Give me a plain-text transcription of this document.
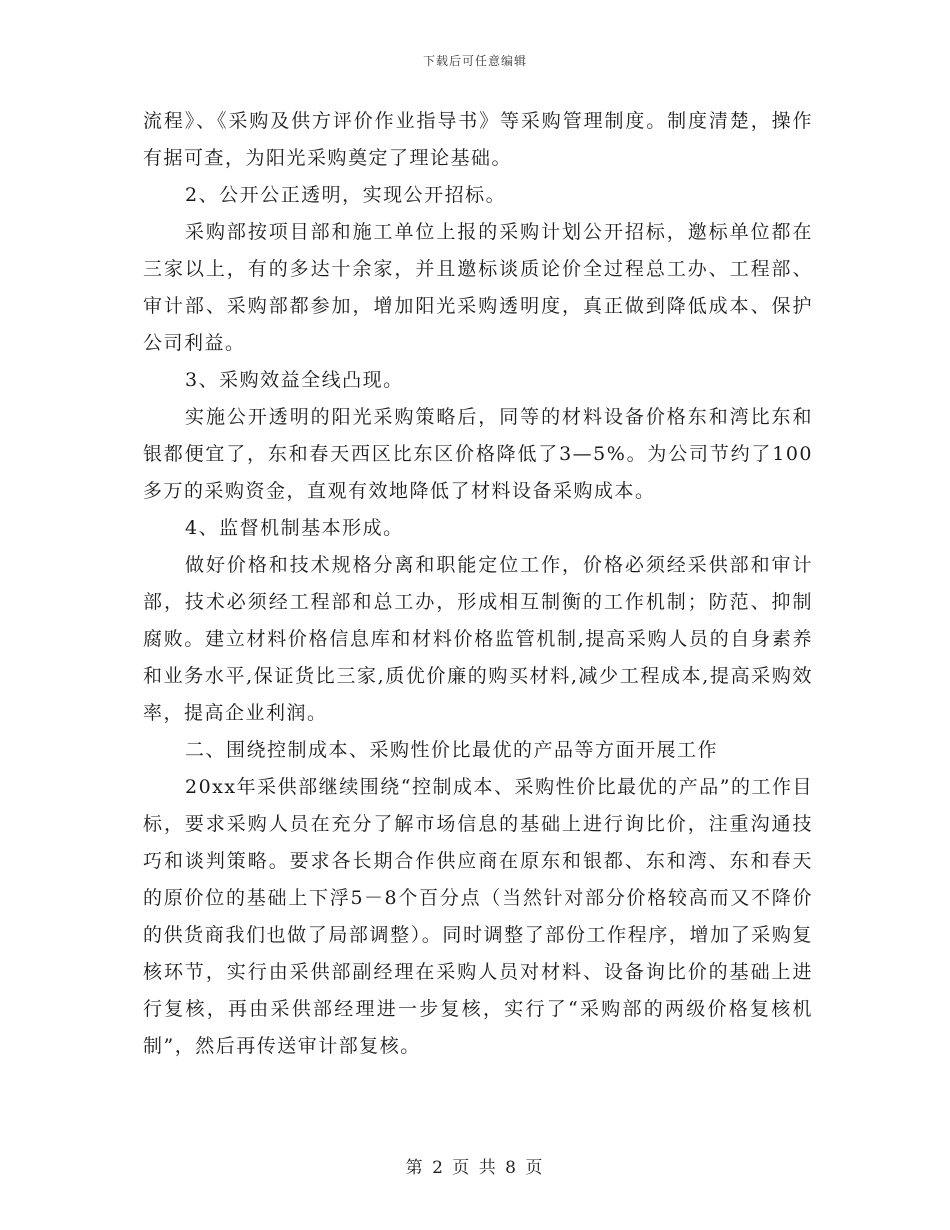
下载后可任意编辑

流程》、《采购及供方评价作业指导书》等采购管理制度。制度清楚，操作有据可查，为阳光采购奠定了理论基础。

2、公开公正透明，实现公开招标。

采购部按项目部和施工单位上报的采购计划公开招标，邀标单位都在三家以上，有的多达十余家，并且邀标谈质论价全过程总工办、工程部、审计部、采购部都参加，增加阳光采购透明度，真正做到降低成本、保护公司利益。

3、采购效益全线凸现。

实施公开透明的阳光采购策略后，同等的材料设备价格东和湾比东和银都便宜了，东和春天西区比东区价格降低了3—5%。为公司节约了100多万的采购资金，直观有效地降低了材料设备采购成本。

4、监督机制基本形成。

做好价格和技术规格分离和职能定位工作，价格必须经采供部和审计部，技术必须经工程部和总工办，形成相互制衡的工作机制；防范、抑制腐败。建立材料价格信息库和材料价格监管机制,提高采购人员的自身素养和业务水平,保证货比三家,质优价廉的购买材料,减少工程成本,提高采购效率，提高企业利润。

二、围绕控制成本、采购性价比最优的产品等方面开展工作

20xx年采供部继续围绕“控制成本、采购性价比最优的产品”的工作目标，要求采购人员在充分了解市场信息的基础上进行询比价，注重沟通技巧和谈判策略。要求各长期合作供应商在原东和银都、东和湾、东和春天的原价位的基础上下浮5－8个百分点（当然针对部分价格较高而又不降价的供货商我们也做了局部调整）。同时调整了部份工作程序，增加了采购复核环节，实行由采供部副经理在采购人员对材料、设备询比价的基础上进行复核，再由采供部经理进一步复核，实行了“采购部的两级价格复核机制”，然后再传送审计部复核。

第 2 页 共 8 页
